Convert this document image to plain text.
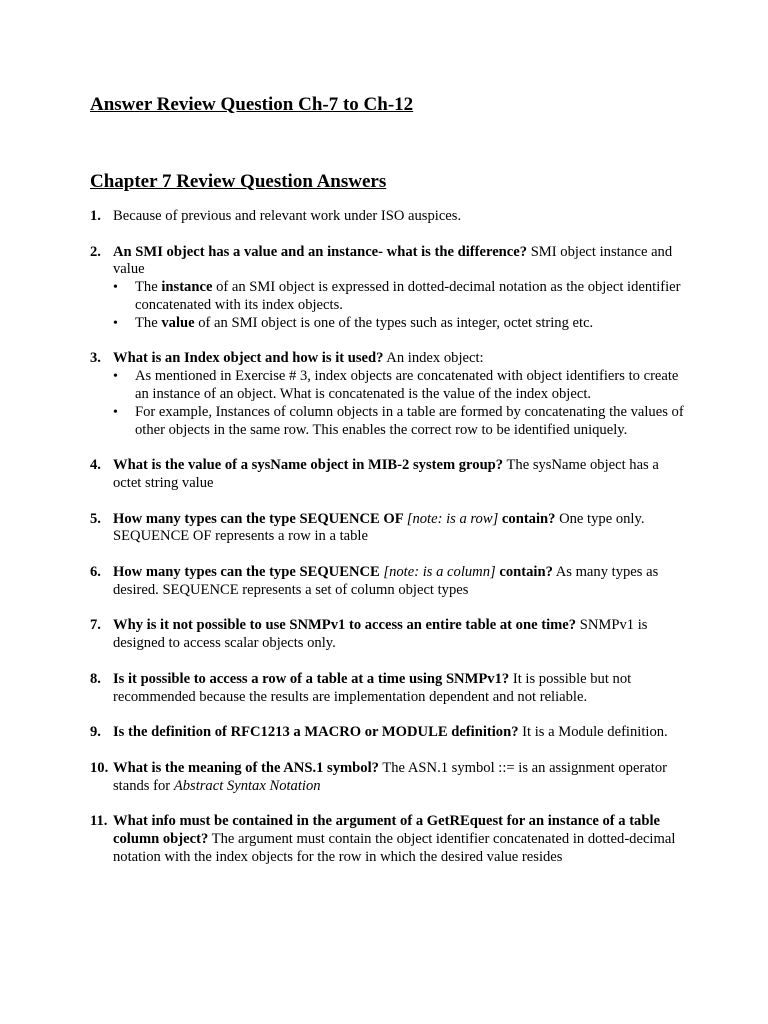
Answer Review Question Ch-7 to Ch-12
Chapter 7 Review Question Answers
1. Because of previous and relevant work under ISO auspices.
2. An SMI object has a value and an instance- what is the difference? SMI object instance and value
• The instance of an SMI object is expressed in dotted-decimal notation as the object identifier concatenated with its index objects.
• The value of an SMI object is one of the types such as integer, octet string etc.
3. What is an Index object and how is it used? An index object:
• As mentioned in Exercise # 3, index objects are concatenated with object identifiers to create an instance of an object. What is concatenated is the value of the index object.
• For example, Instances of column objects in a table are formed by concatenating the values of other objects in the same row. This enables the correct row to be identified uniquely.
4. What is the value of a sysName object in MIB-2 system group? The sysName object has a octet string value
5. How many types can the type SEQUENCE OF [note: is a row] contain? One type only. SEQUENCE OF represents a row in a table
6. How many types can the type SEQUENCE [note: is a column] contain? As many types as desired. SEQUENCE represents a set of column object types
7. Why is it not possible to use SNMPv1 to access an entire table at one time? SNMPv1 is designed to access scalar objects only.
8. Is it possible to access a row of a table at a time using SNMPv1? It is possible but not recommended because the results are implementation dependent and not reliable.
9. Is the definition of RFC1213 a MACRO or MODULE definition? It is a Module definition.
10. What is the meaning of the ANS.1 symbol? The ASN.1 symbol ::= is an assignment operator stands for Abstract Syntax Notation
11. What info must be contained in the argument of a GetREquest for an instance of a table column object? The argument must contain the object identifier concatenated in dotted-decimal notation with the index objects for the row in which the desired value resides
